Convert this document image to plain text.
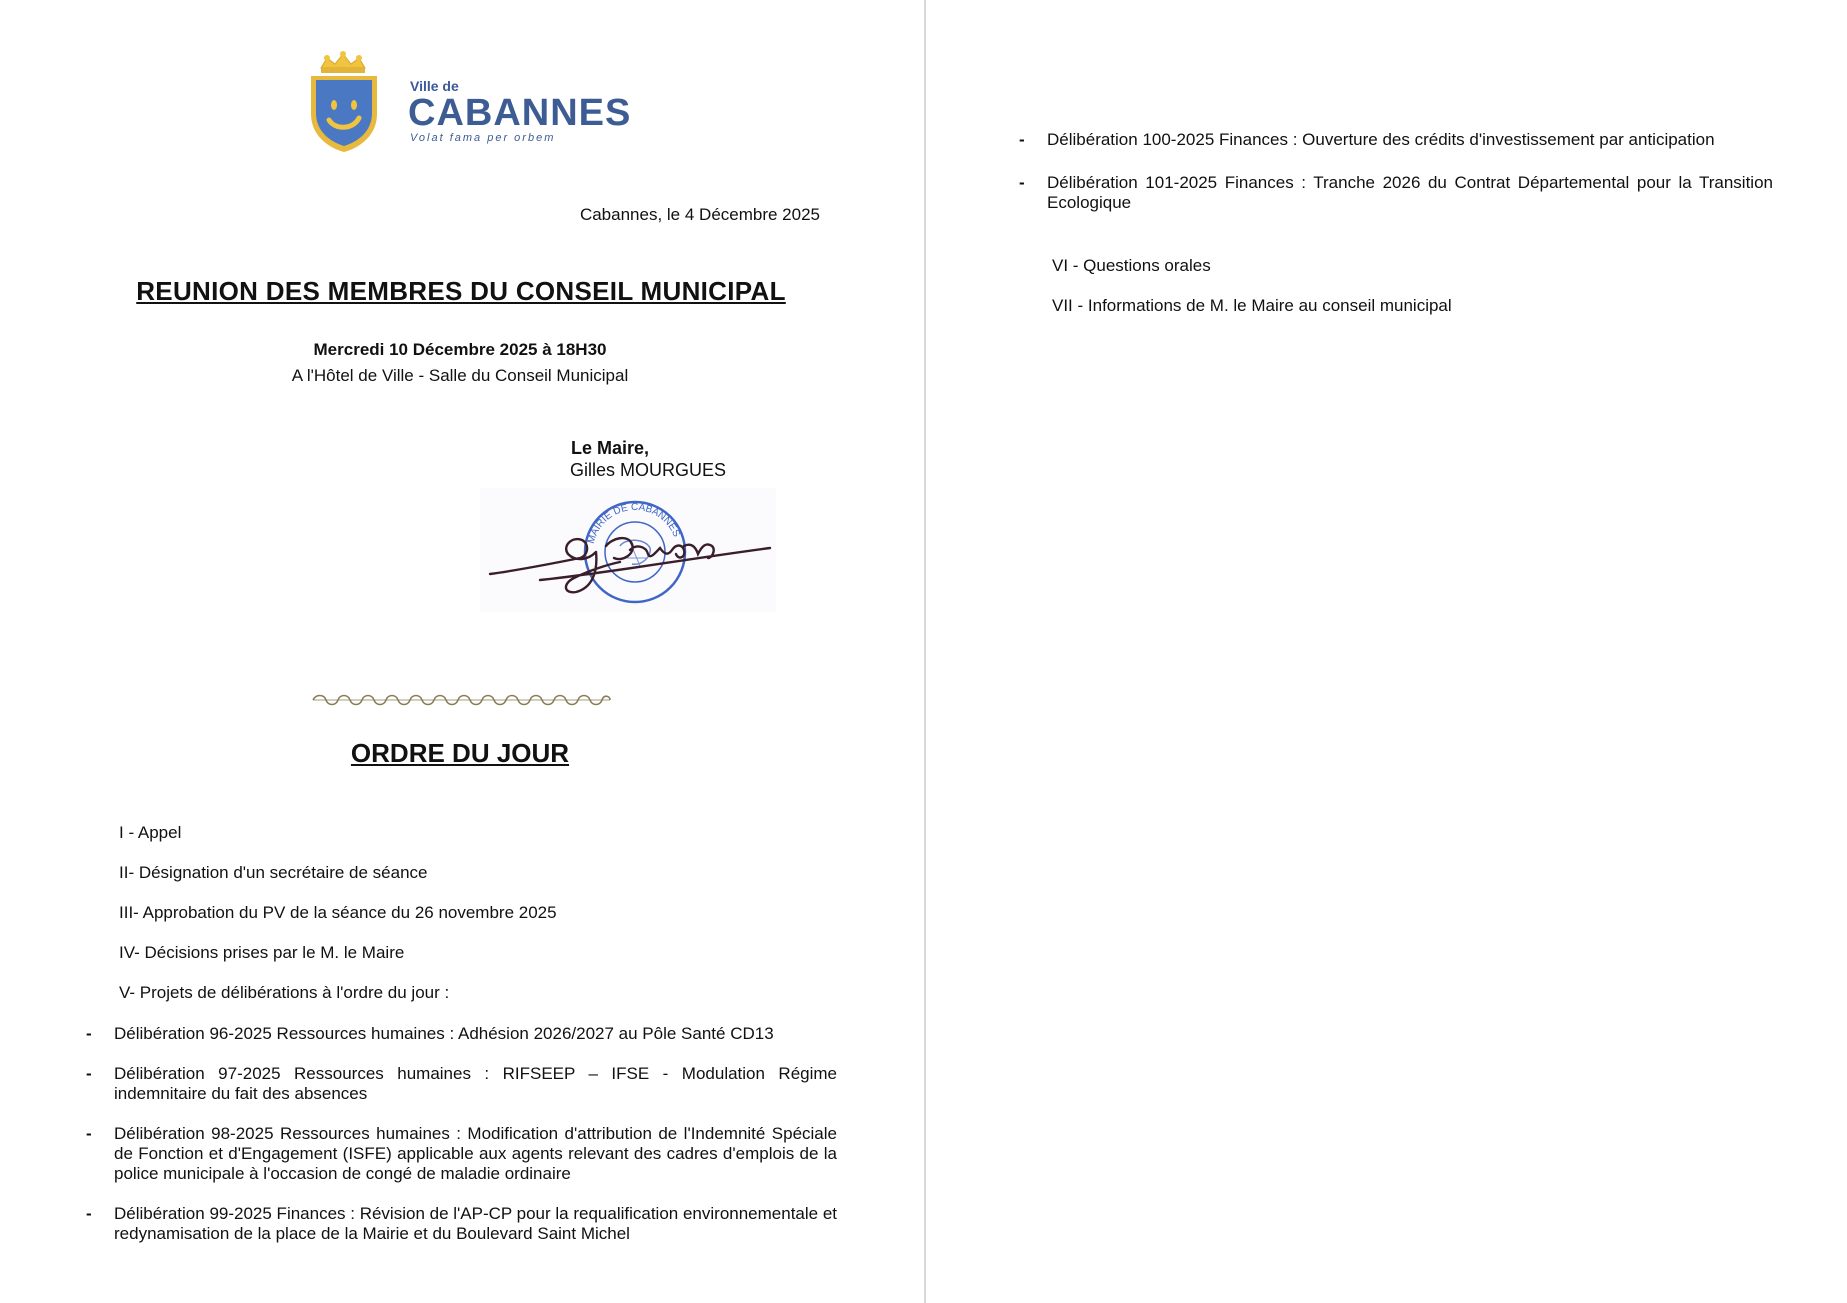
Ville de
CABANNES
Volat fama per orbem
Cabannes, le 4 Décembre 2025
REUNION DES MEMBRES DU CONSEIL MUNICIPAL
Mercredi 10 Décembre 2025 à 18H30
A l'Hôtel de Ville - Salle du Conseil Municipal
Le Maire,
Gilles MOURGUES
MAIRIE DE CABANNES
ORDRE DU JOUR
I - Appel
II- Désignation d'un secrétaire de séance
III- Approbation du PV de la séance du 26 novembre 2025
IV- Décisions prises par le M. le Maire
V- Projets de délibérations à l'ordre du jour :
- Délibération 96-2025 Ressources humaines : Adhésion 2026/2027 au Pôle Santé CD13
- Délibération 97-2025 Ressources humaines : RIFSEEP – IFSE - Modulation Régime indemnitaire du fait des absences
- Délibération 98-2025 Ressources humaines : Modification d'attribution de l'Indemnité Spéciale de Fonction et d'Engagement (ISFE) applicable aux agents relevant des cadres d'emplois de la police municipale à l'occasion de congé de maladie ordinaire
- Délibération 99-2025 Finances : Révision de l'AP-CP pour la requalification environnementale et redynamisation de la place de la Mairie et du Boulevard Saint Michel
- Délibération 100-2025 Finances : Ouverture des crédits d'investissement par anticipation
- Délibération 101-2025 Finances : Tranche 2026 du Contrat Départemental pour la Transition Ecologique
VI - Questions orales
VII - Informations de M. le Maire au conseil municipal
